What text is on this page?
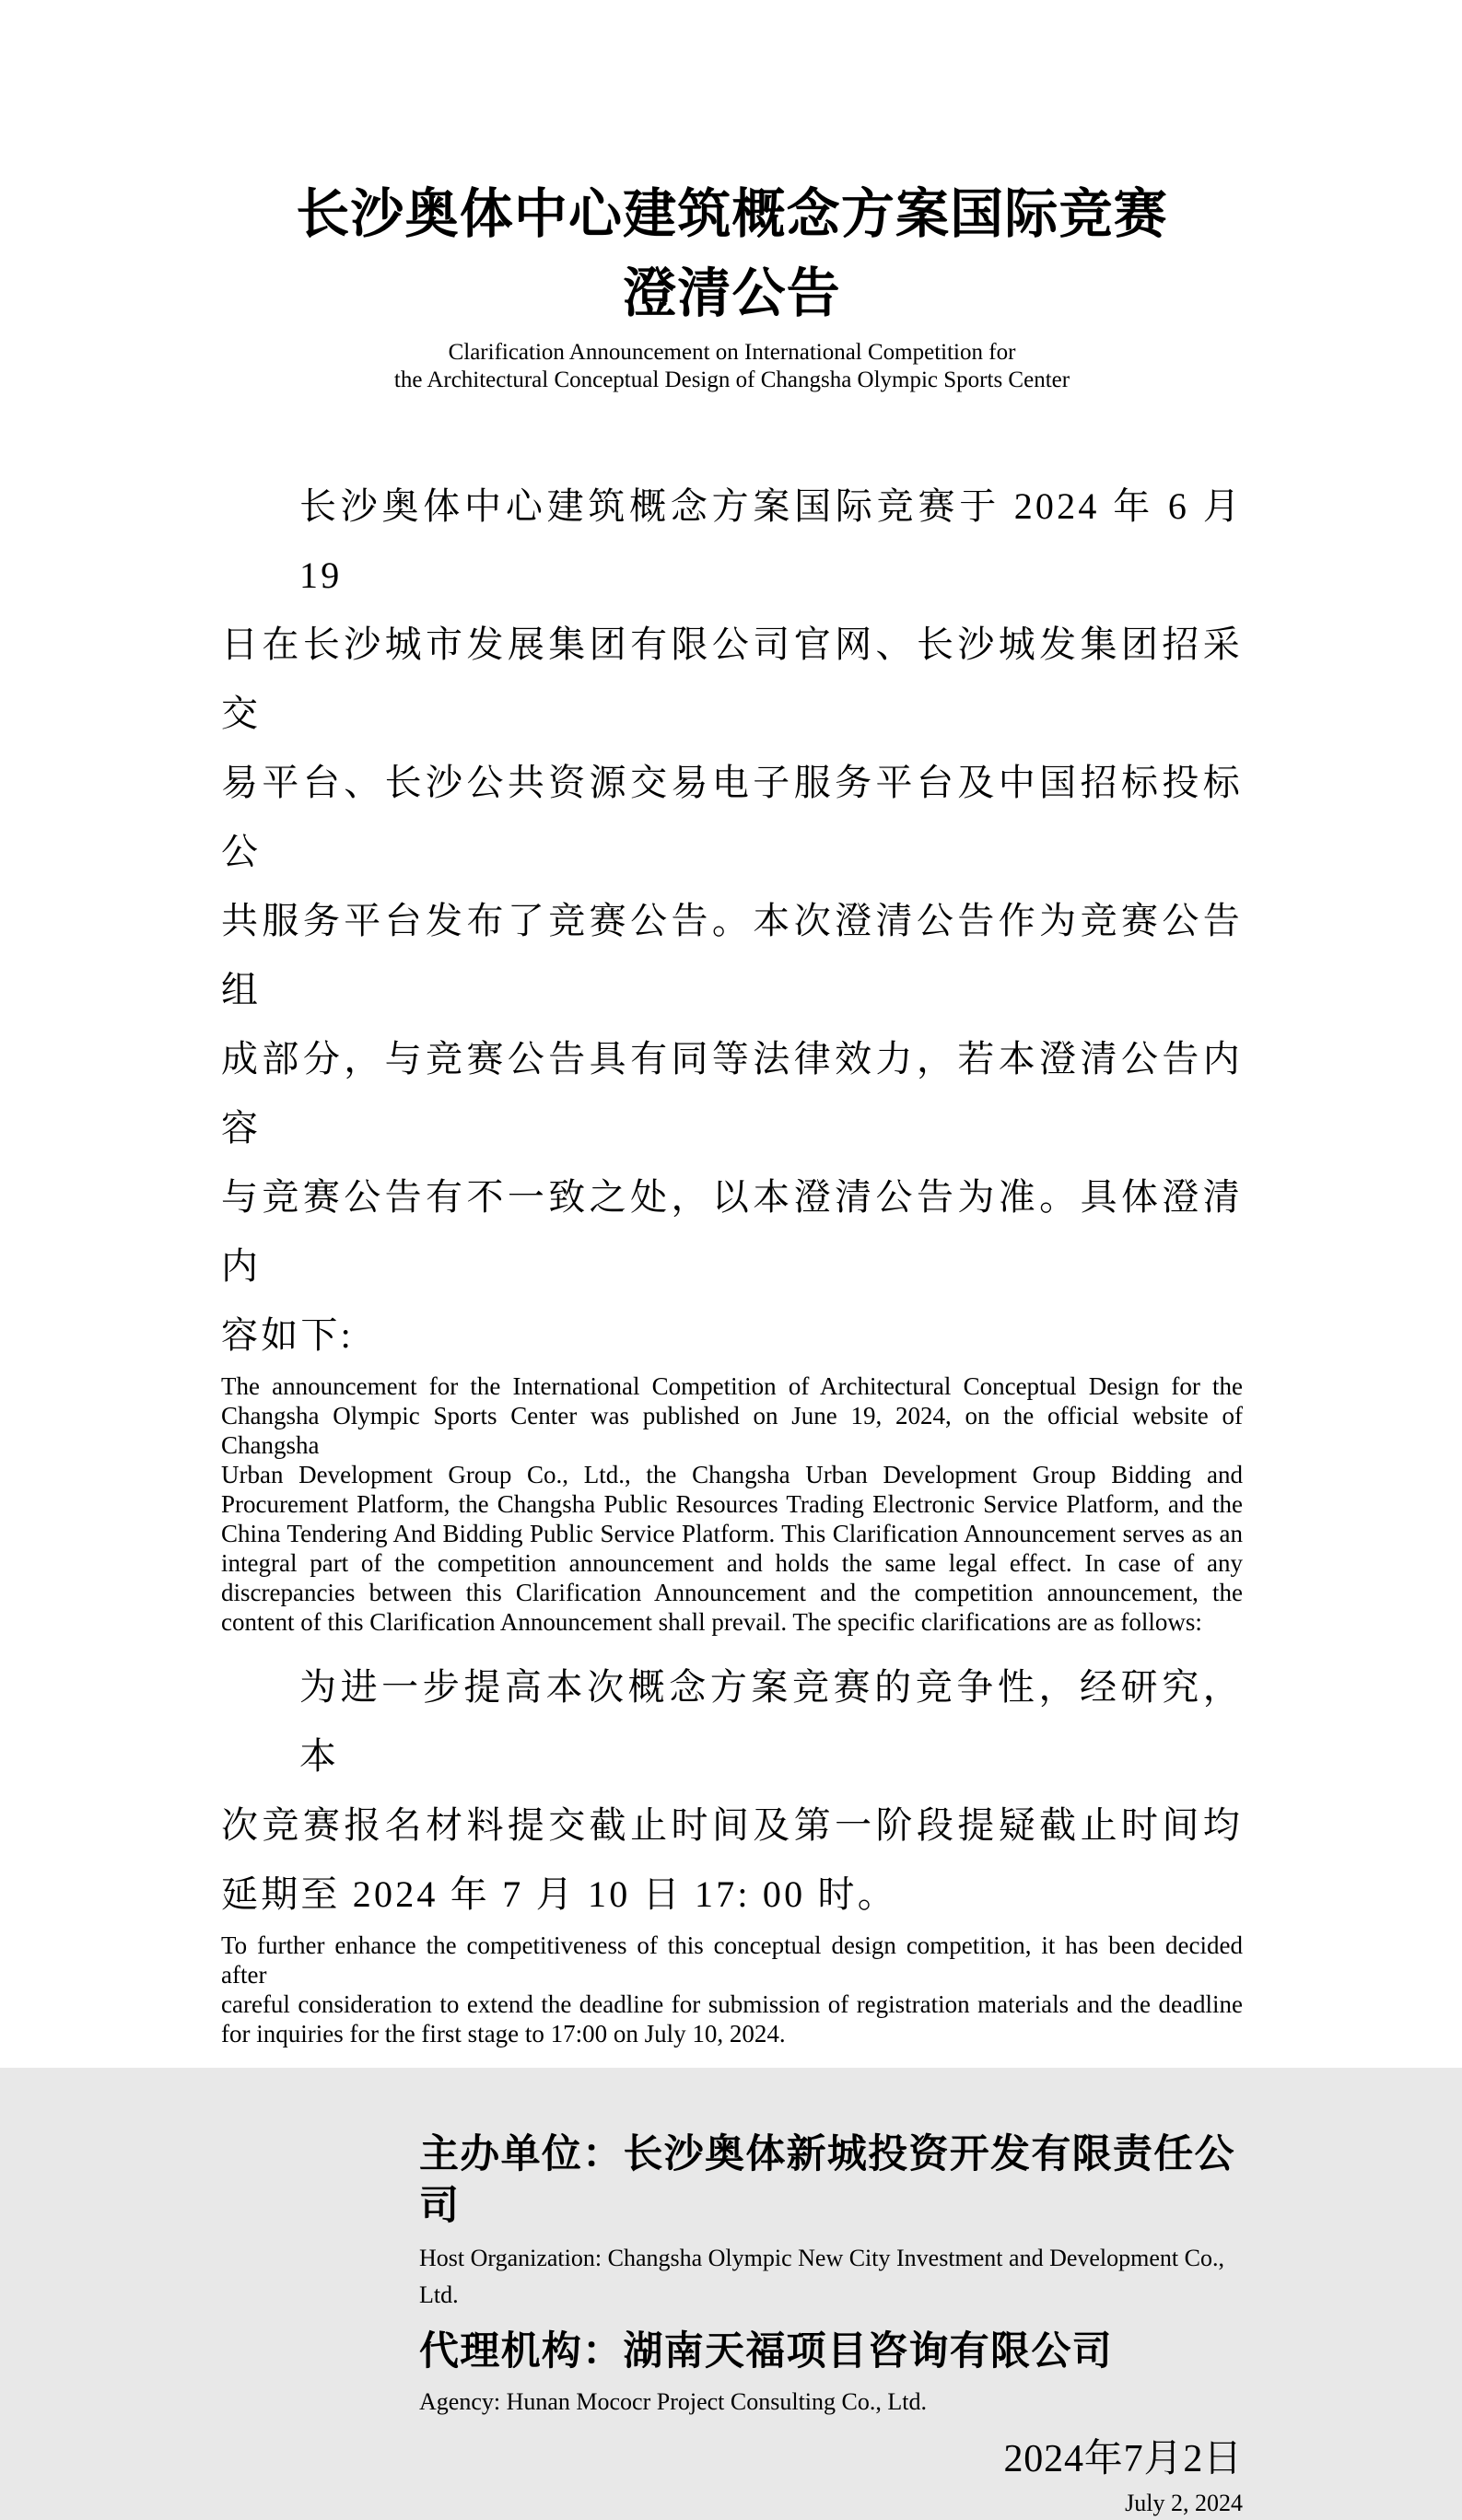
长沙奥体中心建筑概念方案国际竞赛
澄清公告
Clarification Announcement on International Competition for
the Architectural Conceptual Design of Changsha Olympic Sports Center
长沙奥体中心建筑概念方案国际竞赛于 2024 年 6 月 19
日在长沙城市发展集团有限公司官网、长沙城发集团招采交
易平台、长沙公共资源交易电子服务平台及中国招标投标公
共服务平台发布了竞赛公告。本次澄清公告作为竞赛公告组
成部分，与竞赛公告具有同等法律效力，若本澄清公告内容
与竞赛公告有不一致之处，以本澄清公告为准。具体澄清内
容如下:
The announcement for the International Competition of Architectural Conceptual Design for the
Changsha Olympic Sports Center was published on June 19, 2024, on the official website of Changsha
Urban Development Group Co., Ltd., the Changsha Urban Development Group Bidding and
Procurement Platform, the Changsha Public Resources Trading Electronic Service Platform, and the
China Tendering And Bidding Public Service Platform. This Clarification Announcement serves as an
integral part of the competition announcement and holds the same legal effect. In case of any
discrepancies between this Clarification Announcement and the competition announcement, the
content of this Clarification Announcement shall prevail. The specific clarifications are as follows:
为进一步提高本次概念方案竞赛的竞争性，经研究，本
次竞赛报名材料提交截止时间及第一阶段提疑截止时间均
延期至 2024 年 7 月 10 日 17: 00 时。
To further enhance the competitiveness of this conceptual design competition, it has been decided after
careful consideration to extend the deadline for submission of registration materials and the deadline
for inquiries for the first stage to 17:00 on July 10, 2024.
主办单位：长沙奥体新城投资开发有限责任公司
Host Organization: Changsha Olympic New City Investment and Development Co., Ltd.
代理机构：湖南天福项目咨询有限公司
Agency: Hunan Mococr Project Consulting Co., Ltd.
2024年7月2日
July 2, 2024
